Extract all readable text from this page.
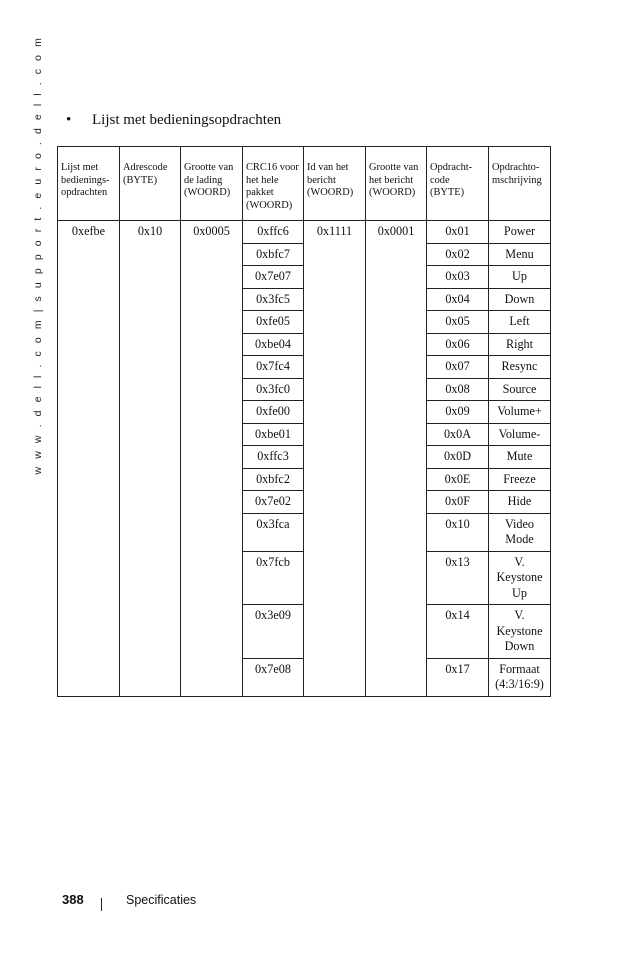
w w w . d e l l . c o m | s u p p o r t . e u r o . d e l l . c o m • Lijst met bedieningsopdrachten
Lijst met bedienings-opdrachten	Adrescode (BYTE)	Grootte van de lading (WOORD)	CRC16 voor het hele pakket (WOORD)	Id van het bericht (WOORD)	Grootte van het bericht (WOORD)	Opdracht-code (BYTE)	Opdrachto-mschrijving
0xefbe	0x10	0x0005	0xffc6	0x1111	0x0001	0x01	Power
			0xbfc7			0x02	Menu
			0x7e07			0x03	Up
			0x3fc5			0x04	Down
			0xfe05			0x05	Left
			0xbe04			0x06	Right
			0x7fc4			0x07	Resync
			0x3fc0			0x08	Source
			0xfe00			0x09	Volume+
			0xbe01			0x0A	Volume-
			0xffc3			0x0D	Mute
			0xbfc2			0x0E	Freeze
			0x7e02			0x0F	Hide
			0x3fca			0x10	Video Mode
			0x7fcb			0x13	V. Keystone Up
			0x3e09			0x14	V. Keystone Down
			0x7e08			0x17	Formaat (4:3/16:9)
388	Specificaties
